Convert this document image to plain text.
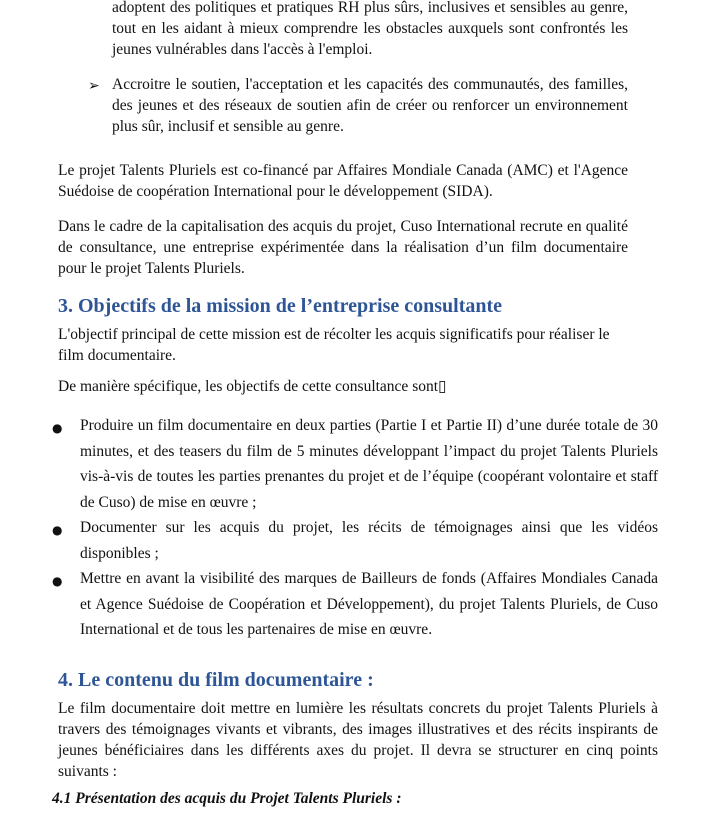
adoptent des politiques et pratiques RH plus sûrs, inclusives et sensibles au genre, tout en les aidant à mieux comprendre les obstacles auxquels sont confrontés les jeunes vulnérables dans l'accès à l'emploi.

➢ Accroitre le soutien, l'acceptation et les capacités des communautés, des familles, des jeunes et des réseaux de soutien afin de créer ou renforcer un environnement plus sûr, inclusif et sensible au genre.

Le projet Talents Pluriels est co-financé par Affaires Mondiale Canada (AMC) et l'Agence Suédoise de coopération International pour le développement (SIDA).

Dans le cadre de la capitalisation des acquis du projet, Cuso International recrute en qualité de consultance, une entreprise expérimentée dans la réalisation d’un film documentaire pour le projet Talents Pluriels.

3. Objectifs de la mission de l’entreprise consultante

L'objectif principal de cette mission est de récolter les acquis significatifs pour réaliser le film documentaire.

De manière spécifique, les objectifs de cette consultance sont▯

● Produire un film documentaire en deux parties (Partie I et Partie II) d’une durée totale de 30 minutes, et des teasers du film de 5 minutes développant l’impact du projet Talents Pluriels vis-à-vis de toutes les parties prenantes du projet et de l’équipe (coopérant volontaire et staff de Cuso) de mise en œuvre ;

● Documenter sur les acquis du projet, les récits de témoignages ainsi que les vidéos disponibles ;

● Mettre en avant la visibilité des marques de Bailleurs de fonds (Affaires Mondiales Canada et Agence Suédoise de Coopération et Développement), du projet Talents Pluriels, de Cuso International et de tous les partenaires de mise en œuvre.

4. Le contenu du film documentaire :

Le film documentaire doit mettre en lumière les résultats concrets du projet Talents Pluriels à travers des témoignages vivants et vibrants, des images illustratives et des récits inspirants de jeunes bénéficiaires dans les différents axes du projet. Il devra se structurer en cinq points suivants :

4.1 Présentation des acquis du Projet Talents Pluriels :
